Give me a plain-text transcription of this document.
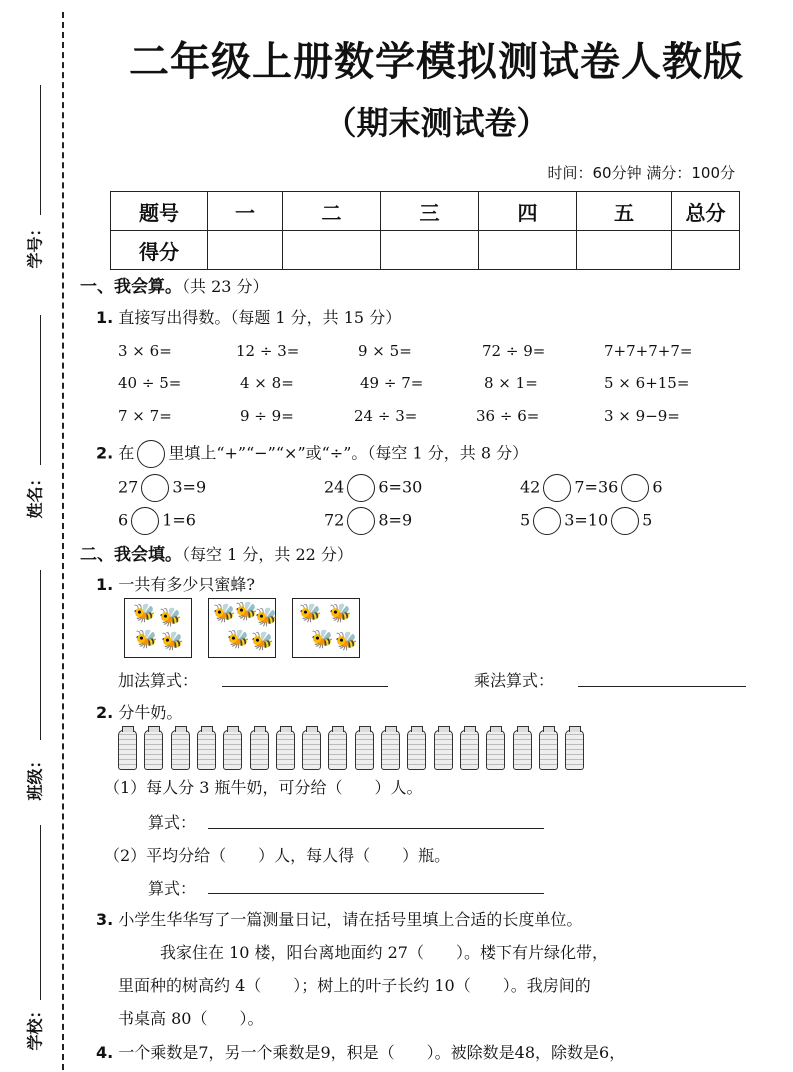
学号：
姓名：
班级：
学校：
二年级上册数学模拟测试卷人教版
（期末测试卷）
时间：60分钟 满分：100分
题号	一	二	三	四	五	总分
得分						
一、我会算。（共 23 分）
1. 直接写出得数。（每题 1 分，共 15 分）
3 × 6=	12 ÷ 3=	9 × 5=	72 ÷ 9=	7+7+7+7=
40 ÷ 5=	4 × 8=	49 ÷ 7=	8 × 1=	5 × 6+15=
7 × 7=	9 ÷ 9=	24 ÷ 3=	36 ÷ 6=	3 × 9−9=
2. 在 里填上“+”“−”“×”或“÷”。（每空 1 分，共 8 分）
27 3=9	24 6=30	42 7=36 6
6 1=6	72 8=9	5 3=10 5
二、我会填。（每空 1 分，共 22 分）
1. 一共有多少只蜜蜂?
🐝 🐝
🐝 🐝
🐝 🐝
🐝
🐝 🐝
🐝 🐝
🐝 🐝
加法算式：	乘法算式：
2. 分牛奶。
（1）每人分 3 瓶牛奶，可分给（　　）人。
算式：
（2）平均分给（　　）人，每人得（　　）瓶。
算式：
3. 小学生华华写了一篇测量日记，请在括号里填上合适的长度单位。
我家住在 10 楼，阳台离地面约 27（　　）。楼下有片绿化带，
里面种的树高约 4（　　）；树上的叶子长约 10（　　）。我房间的
书桌高 80（　　）。
4. 一个乘数是7，另一个乘数是9，积是（　　）。被除数是48，除数是6，
